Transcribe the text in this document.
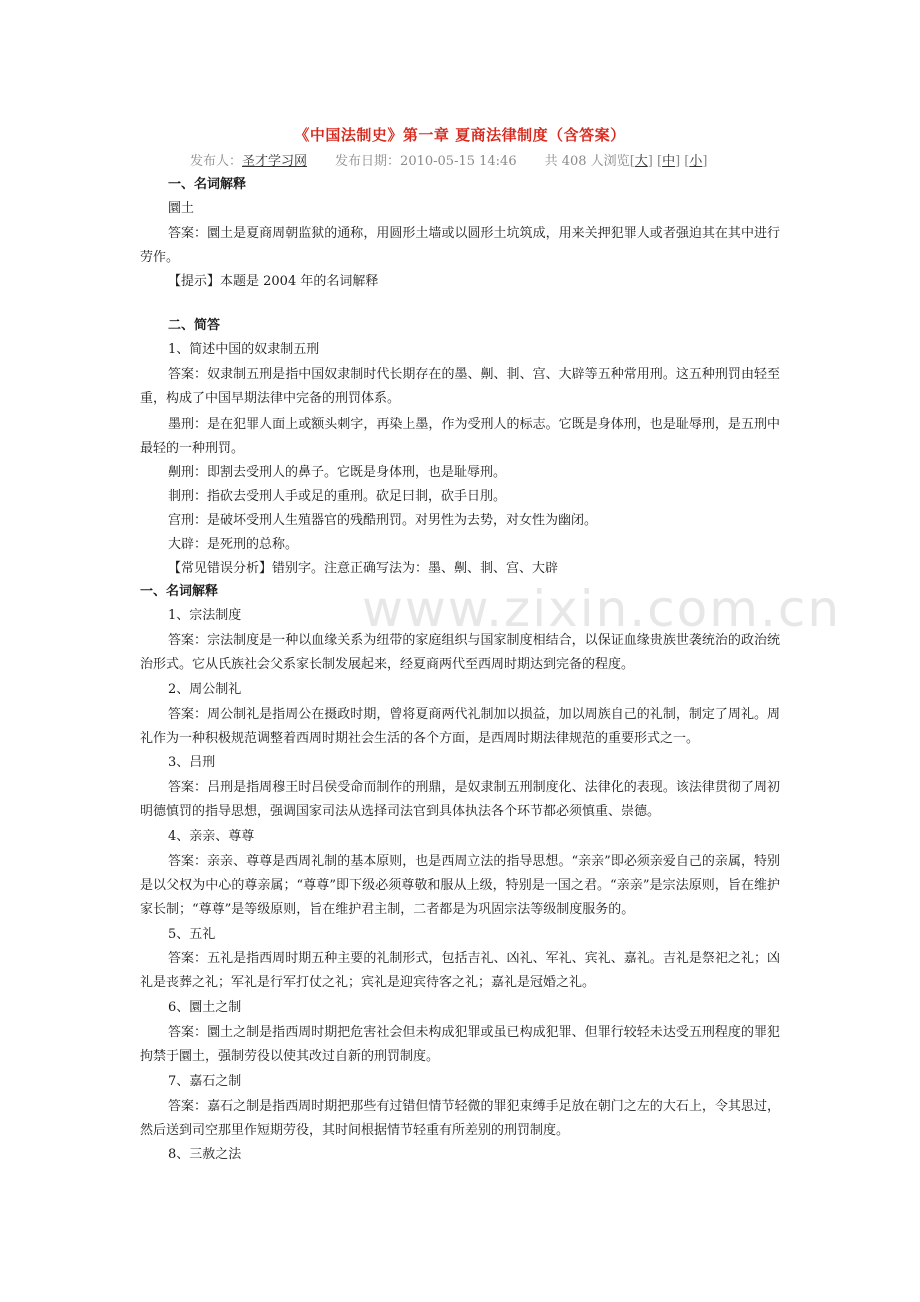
www.zixin.com.cn
《中国法制史》第一章 夏商法律制度（含答案）
发布人：圣才学习网 发布日期：2010-05-15 14:46 共 408 人浏览[大] [中] [小]

一、名词解释

圜土

答案：圜土是夏商周朝监狱的通称，用圆形土墙或以圆形土坑筑成，用来关押犯罪人或者强迫其在其中进行劳作。

【提示】本题是 2004 年的名词解释

二、简答

1、简述中国的奴隶制五刑

答案：奴隶制五刑是指中国奴隶制时代长期存在的墨、劓、剕、宫、大辟等五种常用刑。这五种刑罚由轻至重，构成了中国早期法律中完备的刑罚体系。

墨刑：是在犯罪人面上或额头刺字，再染上墨，作为受刑人的标志。它既是身体刑，也是耻辱刑，是五刑中最轻的一种刑罚。

劓刑：即割去受刑人的鼻子。它既是身体刑，也是耻辱刑。

剕刑：指砍去受刑人手或足的重刑。砍足曰剕，砍手日刖。

宫刑：是破坏受刑人生殖器官的残酷刑罚。对男性为去势，对女性为幽闭。

大辟：是死刑的总称。

【常见错误分析】错别字。注意正确写法为：墨、劓、剕、宫、大辟

一、名词解释

1、宗法制度

答案：宗法制度是一种以血缘关系为纽带的家庭组织与国家制度相结合，以保证血缘贵族世袭统治的政治统治形式。它从氏族社会父系家长制发展起来，经夏商两代至西周时期达到完备的程度。

2、周公制礼

答案：周公制礼是指周公在摄政时期，曾将夏商两代礼制加以损益，加以周族自己的礼制，制定了周礼。周礼作为一种积极规范调整着西周时期社会生活的各个方面，是西周时期法律规范的重要形式之一。

3、吕刑

答案：吕刑是指周穆王时吕侯受命而制作的刑鼎，是奴隶制五刑制度化、法律化的表现。该法律贯彻了周初明德慎罚的指导思想，强调国家司法从选择司法官到具体执法各个环节都必须慎重、崇德。

4、亲亲、尊尊

答案：亲亲、尊尊是西周礼制的基本原则，也是西周立法的指导思想。“亲亲”即必须亲爱自己的亲属，特别是以父权为中心的尊亲属；“尊尊”即下级必须尊敬和服从上级，特别是一国之君。“亲亲”是宗法原则，旨在维护家长制；“尊尊”是等级原则，旨在维护君主制，二者都是为巩固宗法等级制度服务的。

5、五礼

答案：五礼是指西周时期五种主要的礼制形式，包括吉礼、凶礼、军礼、宾礼、嘉礼。吉礼是祭祀之礼；凶礼是丧葬之礼；军礼是行军打仗之礼；宾礼是迎宾待客之礼；嘉礼是冠婚之礼。

6、圜土之制

答案：圜土之制是指西周时期把危害社会但未构成犯罪或虽已构成犯罪、但罪行较轻未达受五刑程度的罪犯拘禁于圜土，强制劳役以使其改过自新的刑罚制度。

7、嘉石之制

答案：嘉石之制是指西周时期把那些有过错但情节轻微的罪犯束缚手足放在朝门之左的大石上，令其思过，然后送到司空那里作短期劳役，其时间根据情节轻重有所差别的刑罚制度。

8、三赦之法
